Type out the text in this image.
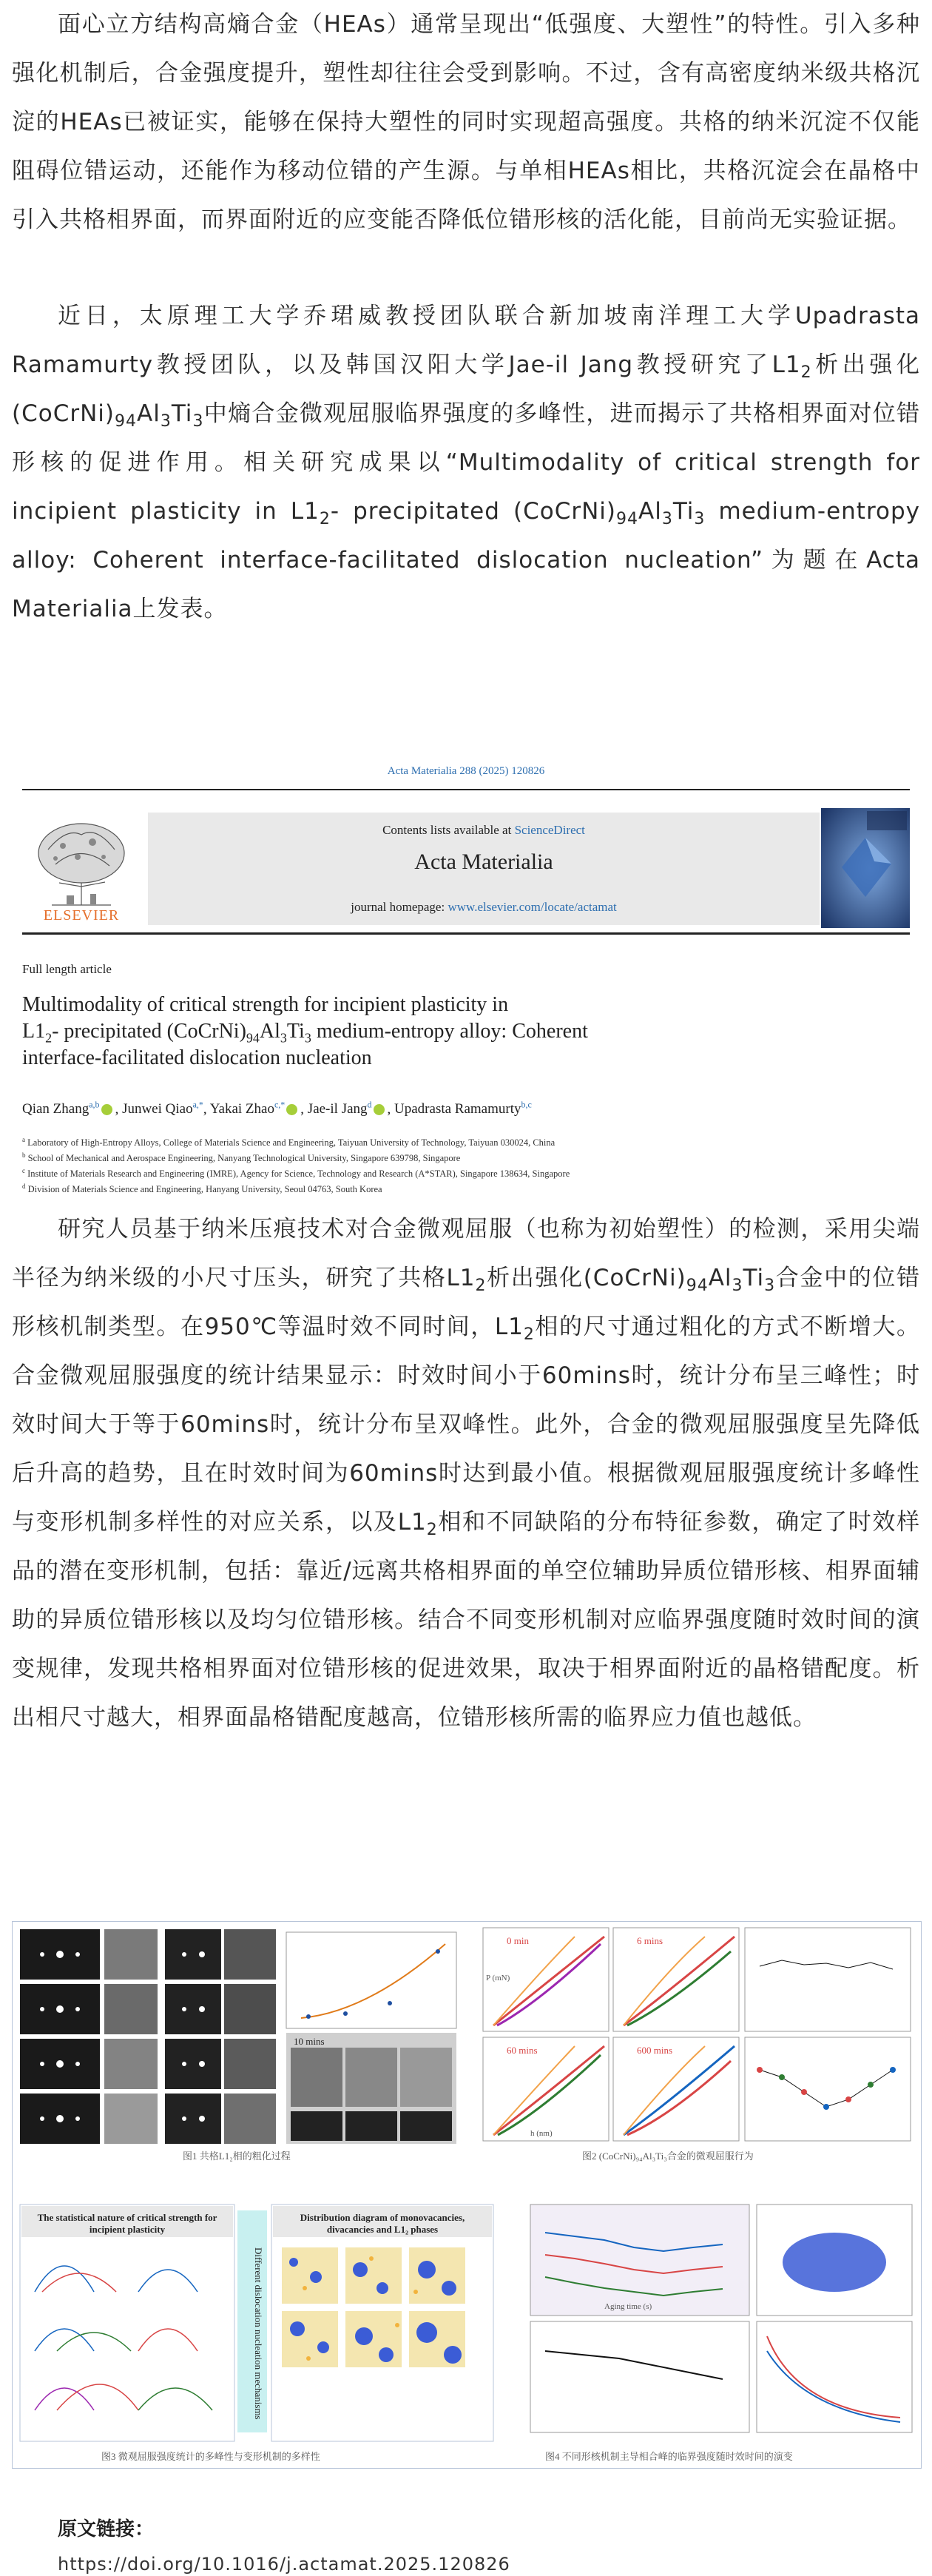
面心立方结构高熵合金（HEAs）通常呈现出“低强度、大塑性”的特性。引入多种强化机制后，合金强度提升，塑性却往往会受到影响。不过，含有高密度纳米级共格沉淀的HEAs已被证实，能够在保持大塑性的同时实现超高强度。共格的纳米沉淀不仅能阻碍位错运动，还能作为移动位错的产生源。与单相HEAs相比，共格沉淀会在晶格中引入共格相界面，而界面附近的应变能否降低位错形核的活化能，目前尚无实验证据。

近日，太原理工大学乔珺威教授团队联合新加坡南洋理工大学Upadrasta Ramamurty教授团队，以及韩国汉阳大学Jae-il Jang教授研究了$L1_2$析出强化$(CoCrNi)_{94}Al_3Ti_3$中熵合金微观屈服临界强度的多峰性，进而揭示了共格相界面对位错形核的促进作用。相关研究成果以“Multimodality of critical strength for incipient plasticity in $L1_2-$ precipitated $(CoCrNi)_{94}Al_3Ti_3$ medium-entropy alloy: Coherent interface-facilitated dislocation nucleation”为题在Acta Materialia上发表。

Acta Materialia 288 (2025) 120826
ELSEVIER
Contents lists available at ScienceDirect
Acta Materialia
journal homepage: www.elsevier.com/locate/actamat
Full length article
Multimodality of critical strength for incipient plasticity in
$L1_2-$ precipitated $(CoCrNi)_{94}Al_3Ti_3$ medium-entropy alloy: Coherent
interface-facilitated dislocation nucleation
Qian Zhang$^{a,b}$ , Junwei Qiao$^{a,*}$, Yakai Zhao$^{c,*}$ , Jae-il Jang$^d$ , Upadrasta Ramamurty$^{b,c}$
$^a$ Laboratory of High-Entropy Alloys, College of Materials Science and Engineering, Taiyuan University of Technology, Taiyuan 030024, China
$^b$ School of Mechanical and Aerospace Engineering, Nanyang Technological University, Singapore 639798, Singapore
$^c$ Institute of Materials Research and Engineering (IMRE), Agency for Science, Technology and Research (A*STAR), Singapore 138634, Singapore
$^d$ Division of Materials Science and Engineering, Hanyang University, Seoul 04763, South Korea

研究人员基于纳米压痕技术对合金微观屈服（也称为初始塑性）的检测，采用尖端半径为纳米级的小尺寸压头，研究了共格$L1_2$析出强化$(CoCrNi)_{94}Al_3Ti_3$合金中的位错形核机制类型。在950℃等温时效不同时间，$L1_2$相的尺寸通过粗化的方式不断增大。合金微观屈服强度的统计结果显示：时效时间小于60mins时，统计分布呈三峰性；时效时间大于等于60mins时，统计分布呈双峰性。此外，合金的微观屈服强度呈先降低后升高的趋势，且在时效时间为60mins时达到最小值。根据微观屈服强度统计多峰性与变形机制多样性的对应关系，以及$L1_2$相和不同缺陷的分布特征参数，确定了时效样品的潜在变形机制，包括：靠近/远离共格相界面的单空位辅助异质位错形核、相界面辅助的异质位错形核以及均匀位错形核。结合不同变形机制对应临界强度随时效时间的演变规律，发现共格相界面对位错形核的促进效果，取决于相界面附近的晶格错配度。析出相尺寸越大，相界面晶格错配度越高，位错形核所需的临界应力值也越低。

图1 共格L1₂相的粗化过程	图2 (CoCrNi)₉₄Al₃Ti₃合金的微观屈服行为
图3 微观屈服强度统计的多峰性与变形机制的多样性	图4 不同形核机制主导相合峰的临界强度随时效时间的演变
The statistical nature of critical strength for incipient plasticity
Distribution diagram of monovacancies, divacancies and L1₂ phases
Different dislocation nucleation mechanisms
0 min	6 mins
10 mins
60 mins	600 mins
h (nm)
P (mN)
Aging time (s)
原文链接：
https://doi.org/10.1016/j.actamat.2025.120826
